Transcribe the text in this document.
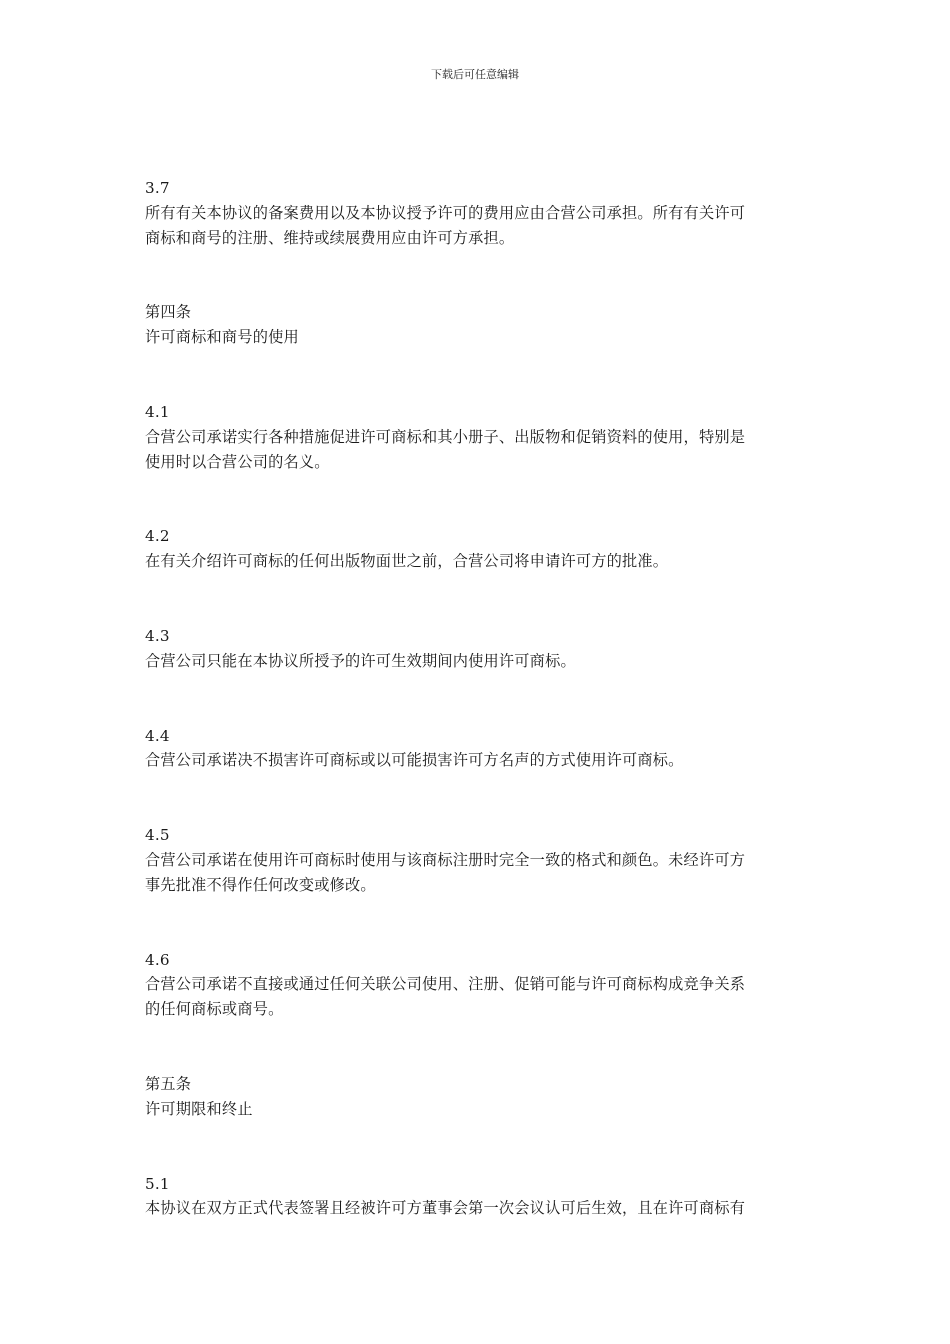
下载后可任意编辑
3.7
所有有关本协议的备案费用以及本协议授予许可的费用应由合营公司承担。所有有关许可
商标和商号的注册、维持或续展费用应由许可方承担。
第四条
许可商标和商号的使用
4.1
合营公司承诺实行各种措施促进许可商标和其小册子、出版物和促销资料的使用，特别是
使用时以合营公司的名义。
4.2
在有关介绍许可商标的任何出版物面世之前，合营公司将申请许可方的批准。
4.3
合营公司只能在本协议所授予的许可生效期间内使用许可商标。
4.4
合营公司承诺决不损害许可商标或以可能损害许可方名声的方式使用许可商标。
4.5
合营公司承诺在使用许可商标时使用与该商标注册时完全一致的格式和颜色。未经许可方
事先批准不得作任何改变或修改。
4.6
合营公司承诺不直接或通过任何关联公司使用、注册、促销可能与许可商标构成竞争关系
的任何商标或商号。
第五条
许可期限和终止
5.1
本协议在双方正式代表签署且经被许可方董事会第一次会议认可后生效，且在许可商标有
